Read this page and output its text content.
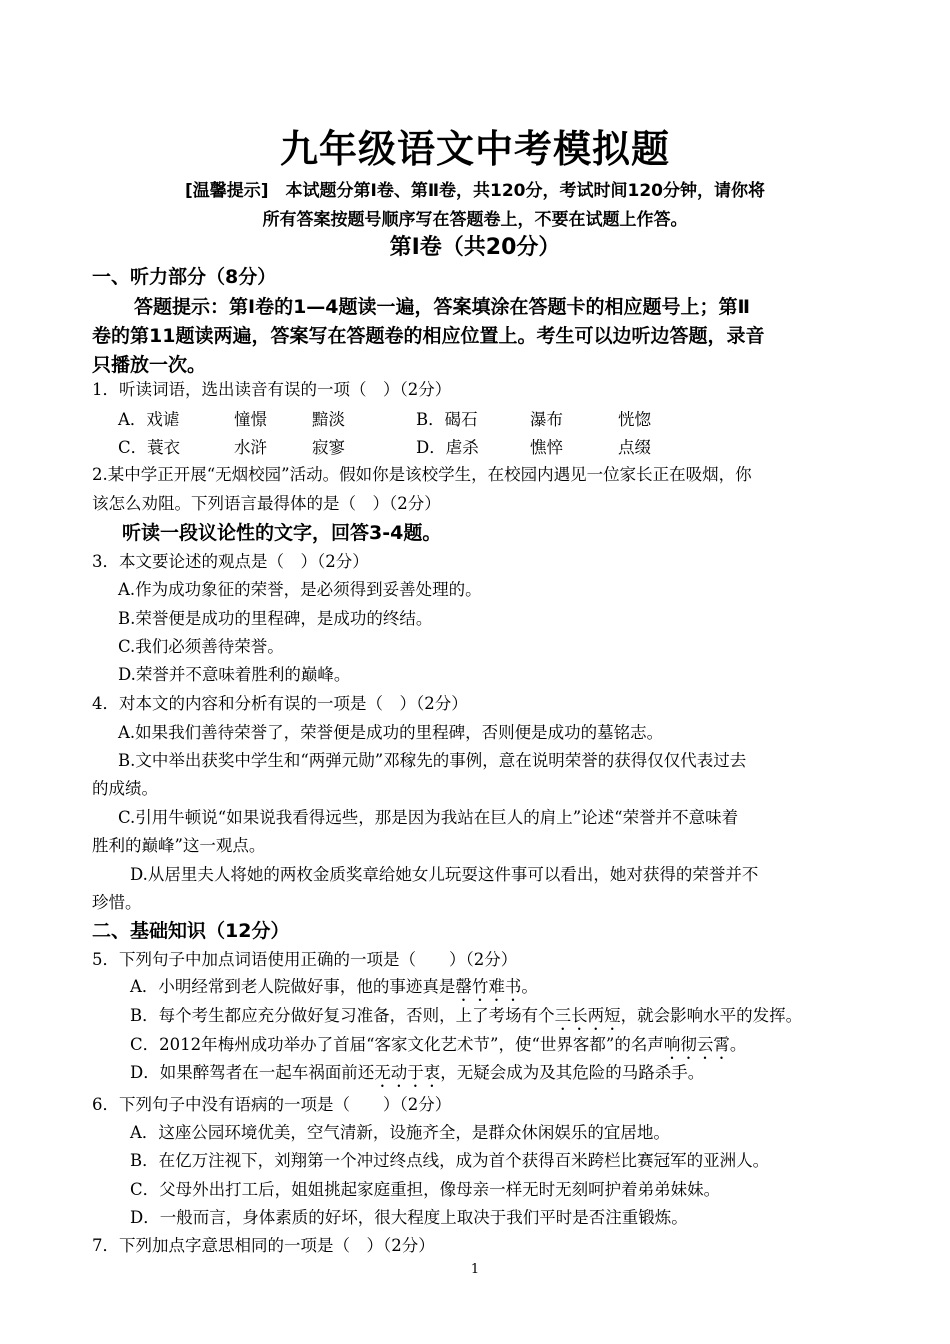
九年级语文中考模拟题
[温馨提示]　本试题分第Ⅰ卷、第Ⅱ卷，共120分，考试时间120分钟，请你将
所有答案按题号顺序写在答题卷上，不要在试题上作答。
第Ⅰ卷（共20分）
一、听力部分（8分）
答题提示：第Ⅰ卷的1—4题读一遍，答案填涂在答题卡的相应题号上；第Ⅱ
卷的第11题读两遍，答案写在答题卷的相应位置上。考生可以边听边答题，录音
只播放一次。
1．听读词语，选出读音有误的一项（　）（2分）
A．戏谑	憧憬	黯淡	B．碣石	瀑布	恍惚
C．蓑衣	水浒	寂寥	D．虐杀	憔悴	点缀
2.某中学正开展“无烟校园”活动。假如你是该校学生，在校园内遇见一位家长正在吸烟，你
该怎么劝阻。下列语言最得体的是（　）（2分）
听读一段议论性的文字，回答3-4题。
3．本文要论述的观点是（　）（2分）
A.作为成功象征的荣誉，是必须得到妥善处理的。
B.荣誉便是成功的里程碑，是成功的终结。
C.我们必须善待荣誉。
D.荣誉并不意味着胜利的巅峰。
4．对本文的内容和分析有误的一项是（　）（2分）
A.如果我们善待荣誉了，荣誉便是成功的里程碑，否则便是成功的墓铭志。
B.文中举出获奖中学生和“两弹元勋”邓稼先的事例，意在说明荣誉的获得仅仅代表过去
的成绩。
C.引用牛顿说“如果说我看得远些，那是因为我站在巨人的肩上”论述“荣誉并不意味着
胜利的巅峰”这一观点。
D.从居里夫人将她的两枚金质奖章给她女儿玩耍这件事可以看出，她对获得的荣誉并不
珍惜。
二、基础知识（12分）
5．下列句子中加点词语使用正确的一项是（　　）（2分）
A．小明经常到老人院做好事，他的事迹真是罄竹难书。
B．每个考生都应充分做好复习准备，否则，上了考场有个三长两短，就会影响水平的发挥。
C．2012年梅州成功举办了首届“客家文化艺术节”，使“世界客都”的名声响彻云霄。
D．如果醉驾者在一起车祸面前还无动于衷，无疑会成为及其危险的马路杀手。
6．下列句子中没有语病的一项是（　　）（2分）
A．这座公园环境优美，空气清新，设施齐全，是群众休闲娱乐的宜居地。
B．在亿万注视下，刘翔第一个冲过终点线，成为首个获得百米跨栏比赛冠军的亚洲人。
C．父母外出打工后，姐姐挑起家庭重担，像母亲一样无时无刻呵护着弟弟妹妹。
D．一般而言，身体素质的好坏，很大程度上取决于我们平时是否注重锻炼。
7．下列加点字意思相同的一项是（　）（2分）
1
